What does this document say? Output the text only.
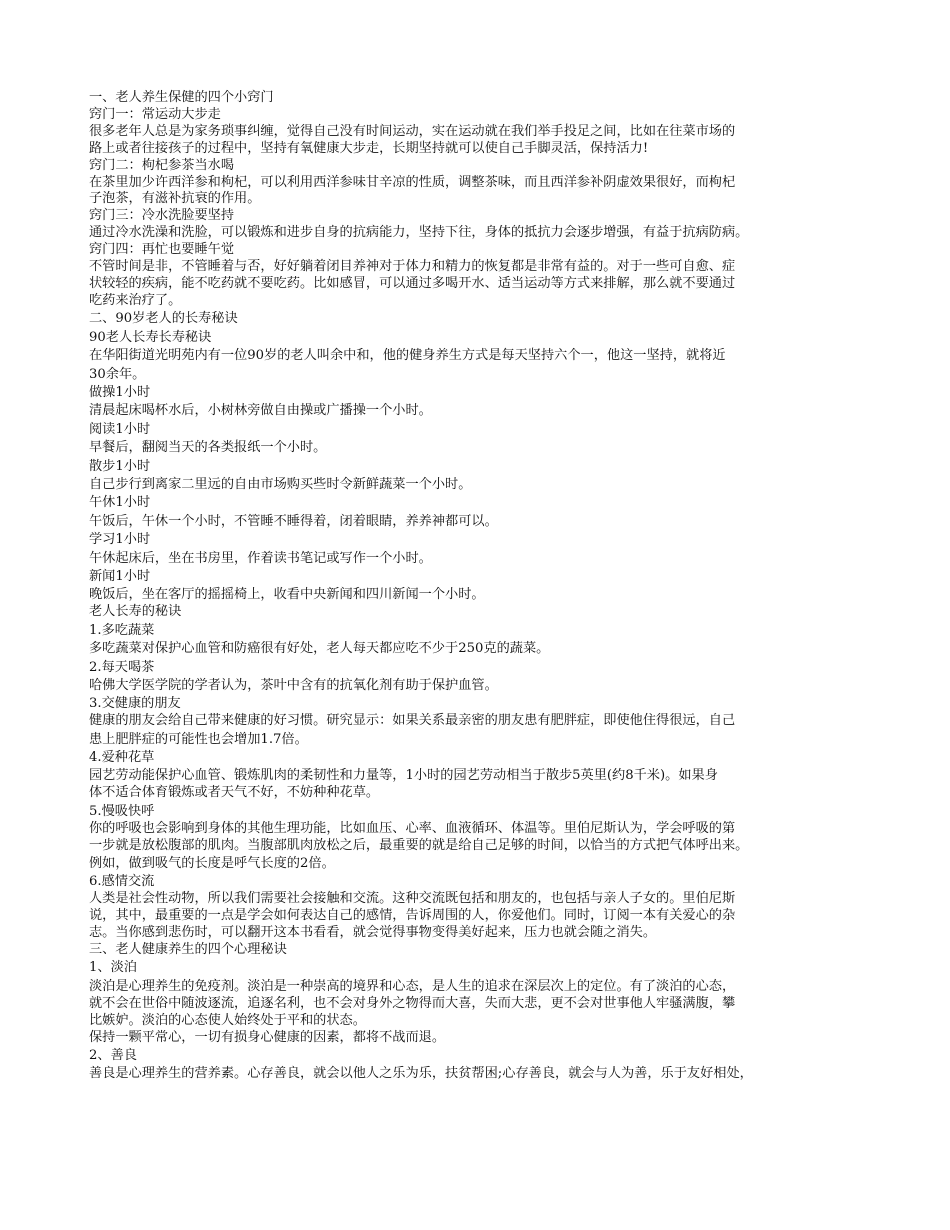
一、老人养生保健的四个小窍门
窍门一：常运动大步走
很多老年人总是为家务琐事纠缠，觉得自己没有时间运动，实在运动就在我们举手投足之间，比如在往菜市场的
路上或者往接孩子的过程中，坚持有氧健康大步走，长期坚持就可以使自己手脚灵活，保持活力!
窍门二：枸杞参茶当水喝
在茶里加少许西洋参和枸杞，可以利用西洋参味甘辛凉的性质，调整茶味，而且西洋参补阴虚效果很好，而枸杞
子泡茶，有滋补抗衰的作用。
窍门三：冷水洗脸要坚持
通过冷水洗澡和洗脸，可以锻炼和进步自身的抗病能力，坚持下往，身体的抵抗力会逐步增强，有益于抗病防病。
窍门四：再忙也要睡午觉
不管时间是非，不管睡着与否，好好躺着闭目养神对于体力和精力的恢复都是非常有益的。对于一些可自愈、症
状较轻的疾病，能不吃药就不要吃药。比如感冒，可以通过多喝开水、适当运动等方式来排解，那么就不要通过
吃药来治疗了。
二、90岁老人的长寿秘诀
90老人长寿长寿秘诀
在华阳街道光明苑内有一位90岁的老人叫余中和，他的健身养生方式是每天坚持六个一，他这一坚持，就将近
30余年。
做操1小时
清晨起床喝杯水后，小树林旁做自由操或广播操一个小时。
阅读1小时
早餐后，翻阅当天的各类报纸一个小时。
散步1小时
自己步行到离家二里远的自由市场购买些时令新鲜蔬菜一个小时。
午休1小时
午饭后，午休一个小时，不管睡不睡得着，闭着眼睛，养养神都可以。
学习1小时
午休起床后，坐在书房里，作着读书笔记或写作一个小时。
新闻1小时
晚饭后，坐在客厅的摇摇椅上，收看中央新闻和四川新闻一个小时。
老人长寿的秘诀
1.多吃蔬菜
多吃蔬菜对保护心血管和防癌很有好处，老人每天都应吃不少于250克的蔬菜。
2.每天喝茶
哈佛大学医学院的学者认为，茶叶中含有的抗氧化剂有助于保护血管。
3.交健康的朋友
健康的朋友会给自己带来健康的好习惯。研究显示：如果关系最亲密的朋友患有肥胖症，即使他住得很远，自己
患上肥胖症的可能性也会增加1.7倍。
4.爱种花草
园艺劳动能保护心血管、锻炼肌肉的柔韧性和力量等，1小时的园艺劳动相当于散步5英里(约8千米)。如果身
体不适合体育锻炼或者天气不好，不妨种种花草。
5.慢吸快呼
你的呼吸也会影响到身体的其他生理功能，比如血压、心率、血液循环、体温等。里伯尼斯认为，学会呼吸的第
一步就是放松腹部的肌肉。当腹部肌肉放松之后，最重要的就是给自己足够的时间，以恰当的方式把气体呼出来。
例如，做到吸气的长度是呼气长度的2倍。
6.感情交流
人类是社会性动物，所以我们需要社会接触和交流。这种交流既包括和朋友的，也包括与亲人子女的。里伯尼斯
说，其中，最重要的一点是学会如何表达自己的感情，告诉周围的人，你爱他们。同时，订阅一本有关爱心的杂
志。当你感到悲伤时，可以翻开这本书看看，就会觉得事物变得美好起来，压力也就会随之消失。
三、老人健康养生的四个心理秘诀
1、淡泊
淡泊是心理养生的免疫剂。淡泊是一种崇高的境界和心态，是人生的追求在深层次上的定位。有了淡泊的心态，
就不会在世俗中随波逐流，追逐名利，也不会对身外之物得而大喜，失而大悲，更不会对世事他人牢骚满腹，攀
比嫉妒。淡泊的心态使人始终处于平和的状态。
保持一颗平常心，一切有损身心健康的因素，都将不战而退。
2、善良
善良是心理养生的营养素。心存善良，就会以他人之乐为乐，扶贫帮困;心存善良，就会与人为善，乐于友好相处，
